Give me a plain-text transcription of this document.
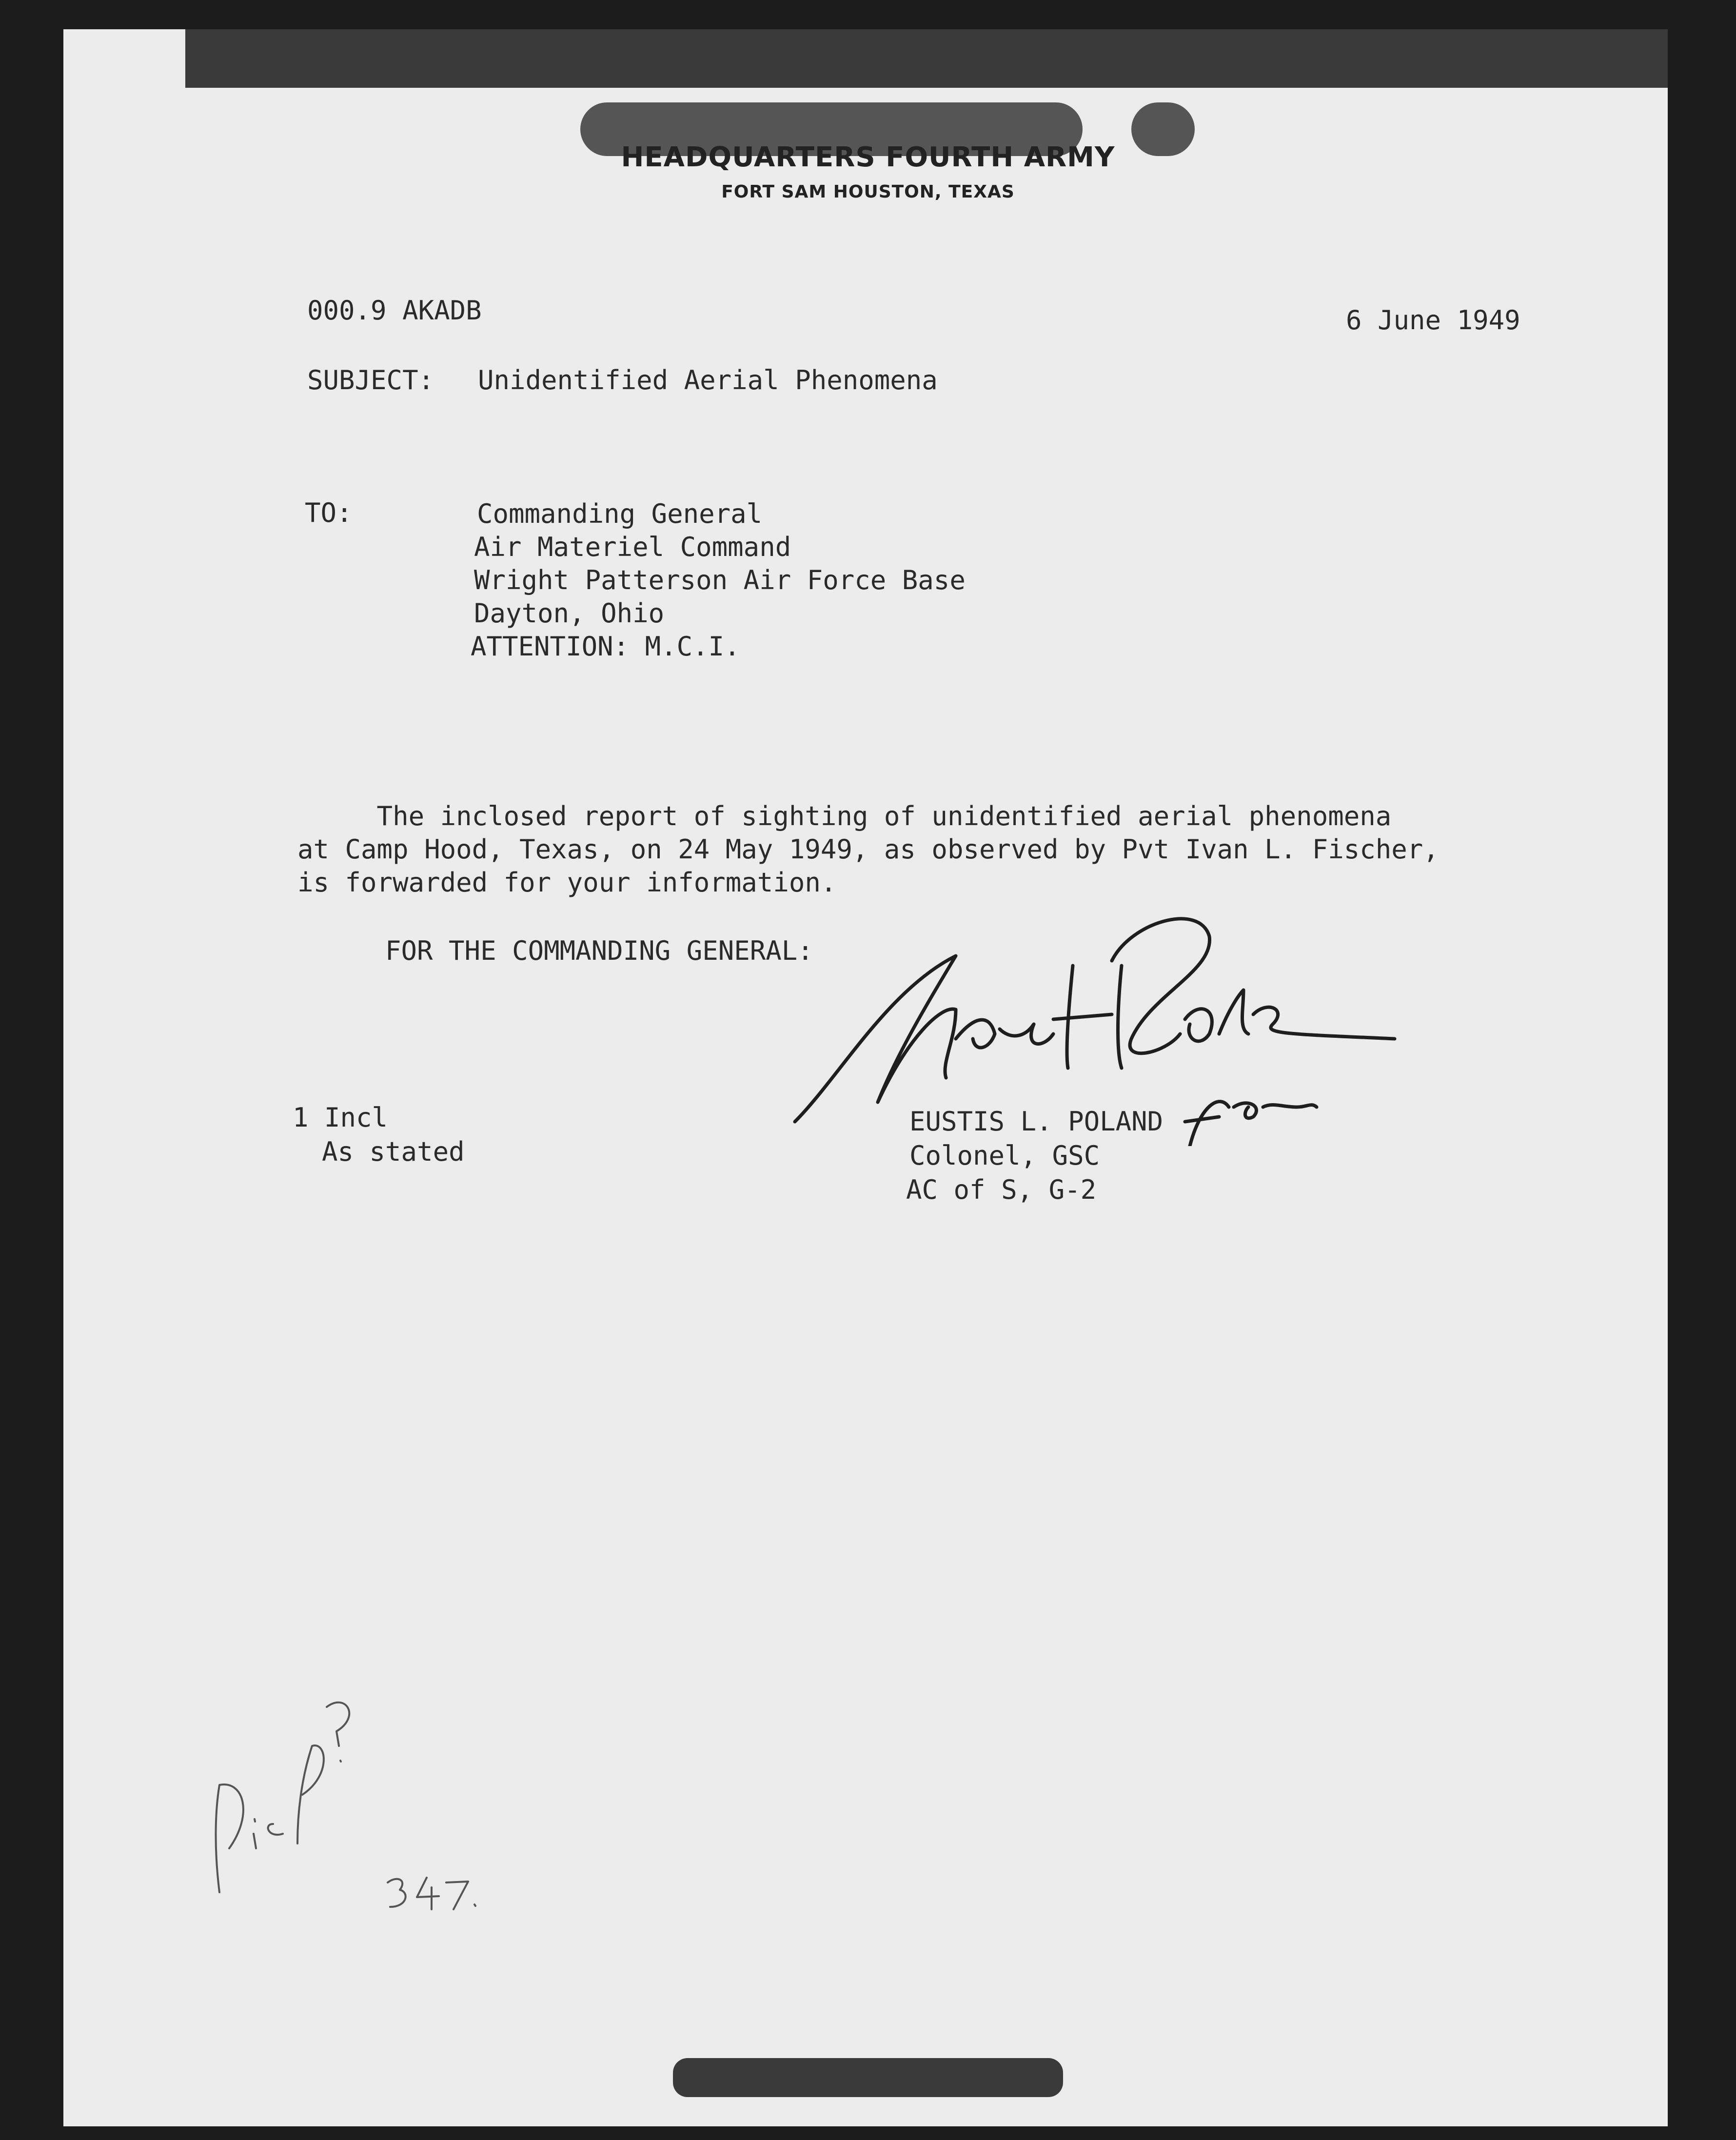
HEADQUARTERS FOURTH ARMY
FORT SAM HOUSTON, TEXAS
000.9 AKADB	6 June 1949
SUBJECT: Unidentified Aerial Phenomena
TO:	Commanding General
Air Materiel Command
Wright Patterson Air Force Base
Dayton, Ohio
ATTENTION: M.C.I.
The inclosed report of sighting of unidentified aerial phenomena
at Camp Hood, Texas, on 24 May 1949, as observed by Pvt Ivan L. Fischer,
is forwarded for your information.
FOR THE COMMANDING GENERAL:
EUSTIS L. POLAND
Colonel, GSC
AC of S, G-2
1 Incl
As stated
